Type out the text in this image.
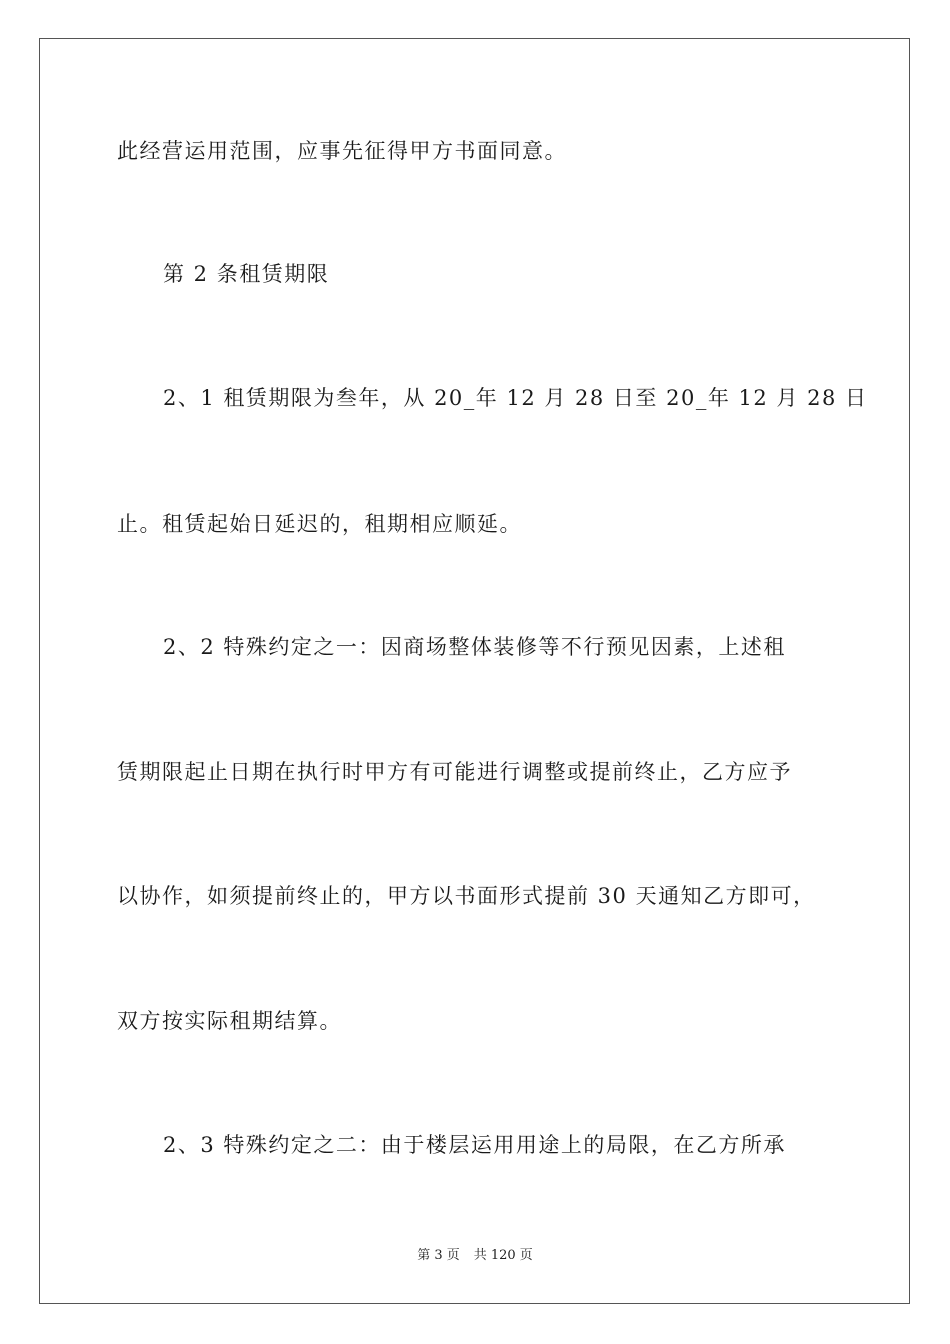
此经营运用范围，应事先征得甲方书面同意。
第 2 条租赁期限
2、1 租赁期限为叁年，从 20_年 12 月 28 日至 20_年 12 月 28 日
止。租赁起始日延迟的，租期相应顺延。
2、2 特殊约定之一：因商场整体装修等不行预见因素，上述租
赁期限起止日期在执行时甲方有可能进行调整或提前终止，乙方应予
以协作，如须提前终止的，甲方以书面形式提前 30 天通知乙方即可，
双方按实际租期结算。
2、3 特殊约定之二：由于楼层运用用途上的局限，在乙方所承
第 3 页 共 120 页
